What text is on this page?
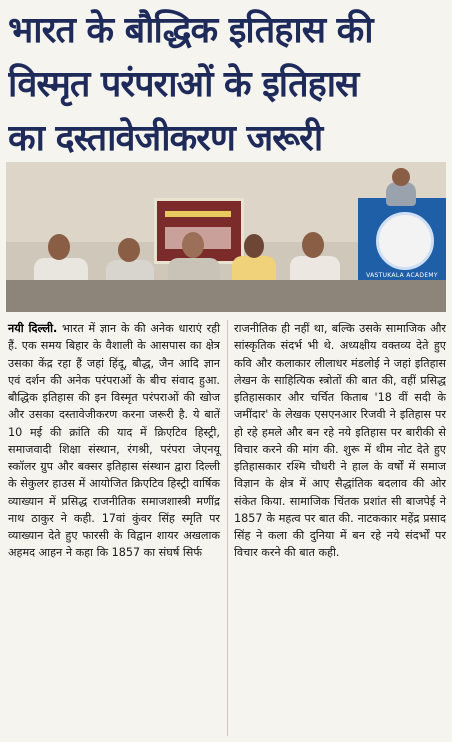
भारत के बौद्धिक इतिहास की
विस्मृत परंपराओं के इतिहास
का दस्तावेजीकरण जरूरी
VASTUKALA ACADEMY

नयी दिल्ली. भारत में ज्ञान के की अनेक धाराएं रही हैं. एक समय बिहार के वैशाली के आसपास का क्षेत्र उसका केंद्र रहा हैं जहां हिंदू, बौद्ध, जैन आदि ज्ञान एवं दर्शन की अनेक परंपराओं के बीच संवाद हुआ. बौद्धिक इतिहास की इन विस्मृत परंपराओं की खोज और उसका दस्तावेजीकरण करना जरूरी है. ये बातें 10 मई की क्रांति की याद में क्रिएटिव हिस्ट्री, समाजवादी शिक्षा संस्थान, रंगश्री, परंपरा जेएनयू स्कॉलर ग्रुप और बक्सर इतिहास संस्थान द्वारा दिल्ली के सेकुलर हाउस में आयोजित क्रिएटिव हिस्ट्री वार्षिक व्याख्यान में प्रसिद्ध राजनीतिक समाजशास्त्री मणींद्र नाथ ठाकुर ने कही. 17वां कुंवर सिंह स्मृति पर व्याख्यान देते हुए फारसी के विद्वान शायर अखलाक अहमद आहन ने कहा कि 1857 का संघर्ष सिर्फ

राजनीतिक ही नहीं था, बल्कि उसके सामाजिक और सांस्कृतिक संदर्भ भी थे. अध्यक्षीय वक्तव्य देते हुए कवि और कलाकार लीलाधर मंडलोई ने जहां इतिहास लेखन के साहित्यिक स्त्रोतों की बात की, वहीं प्रसिद्ध इतिहासकार और चर्चित किताब '18 वीं सदी के जमींदार' के लेखक एसएनआर रिजवी ने इतिहास पर हो रहे हमले और बन रहे नये इतिहास पर बारीकी से विचार करने की मांग की. शुरू में थीम नोट देते हुए इतिहासकार रश्मि चौधरी ने हाल के वर्षों में समाज विज्ञान के क्षेत्र में आए सैद्धांतिक बदलाव की ओर संकेत किया. सामाजिक चिंतक प्रशांत सी बाजपेई ने 1857 के महत्व पर बात की. नाटककार महेंद्र प्रसाद सिंह ने कला की दुनिया में बन रहे नये संदर्भों पर विचार करने की बात कही.
